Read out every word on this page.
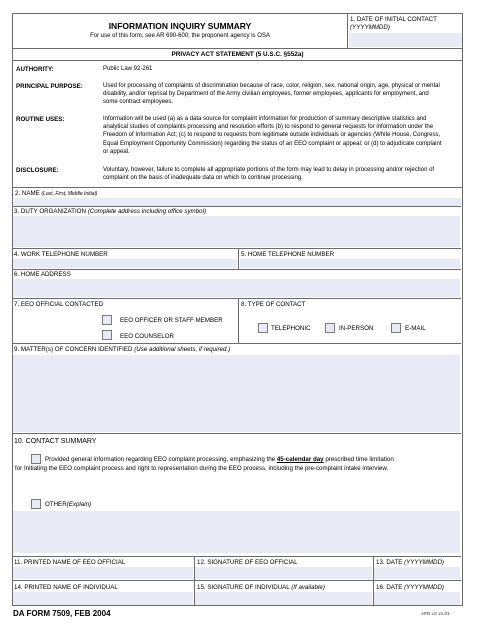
INFORMATION INQUIRY SUMMARY
For use of this form, see AR 690-600; the proponent agency is OSA
1. DATE OF INITIAL CONTACT
(YYYYMMDD)
PRIVACY ACT STATEMENT (5 U.S.C. §552a)
AUTHORITY:	Public Law 92-261
PRINCIPAL PURPOSE:	Used for processing of complaints of discrimination because of race, color, religion, sex, national origin, age, physical or mental disability, and/or reprisal by Department of the Army civilian employees, former employees, applicants for employment, and some contract employees.
ROUTINE USES:	Information will be used (a) as a data source for complaint information for production of summary descriptive statistics and analytical studies of complaints processing and resolution efforts (b) to respond to general requests for information under the Freedom of Information Act; (c) to respond to requests from legitimate outside individuals or agencies (White House, Congress, Equal Employment Opportunity Commission) regarding the status of an EEO complaint or appeal; or (d) to adjudicate complaint or appeal.
DISCLOSURE:	Voluntary, however, failure to complete all appropriate portions of the form may lead to delay in processing and/or rejection of complaint on the basis of inadequate data on which to continue processing.
2. NAME (Last, First, Middle Initial)
3. DUTY ORGANIZATION (Complete address including office symbol)
4. WORK TELEPHONE NUMBER	5. HOME TELEPHONE NUMBER
6. HOME ADDRESS
7. EEO OFFICIAL CONTACTED
EEO OFFICER OR STAFF MEMBER
EEO COUNSELOR
8. TYPE OF CONTACT
TELEPHONIC	IN-PERSON	E-MAIL
9. MATTER(s) OF CONCERN IDENTIFIED (Use additional sheets, if required.)
10. CONTACT SUMMARY
Provided general information regarding EEO complaint processing, emphasizing the 45-calendar day prescribed time limitation
for Initiating the EEO complaint process and right to representation during the EEO process, including the pre-complaint intake interview.
OTHER(Explain)
11. PRINTED NAME OF EEO OFFICIAL	12. SIGNATURE OF EEO OFFICIAL	13. DATE (YYYYMMDD)
14. PRINTED NAME OF INDIVIDUAL	15. SIGNATURE OF INDIVIDUAL (If available)	16. DATE (YYYYMMDD)
DA FORM 7509, FEB 2004	APD LC v1.01
